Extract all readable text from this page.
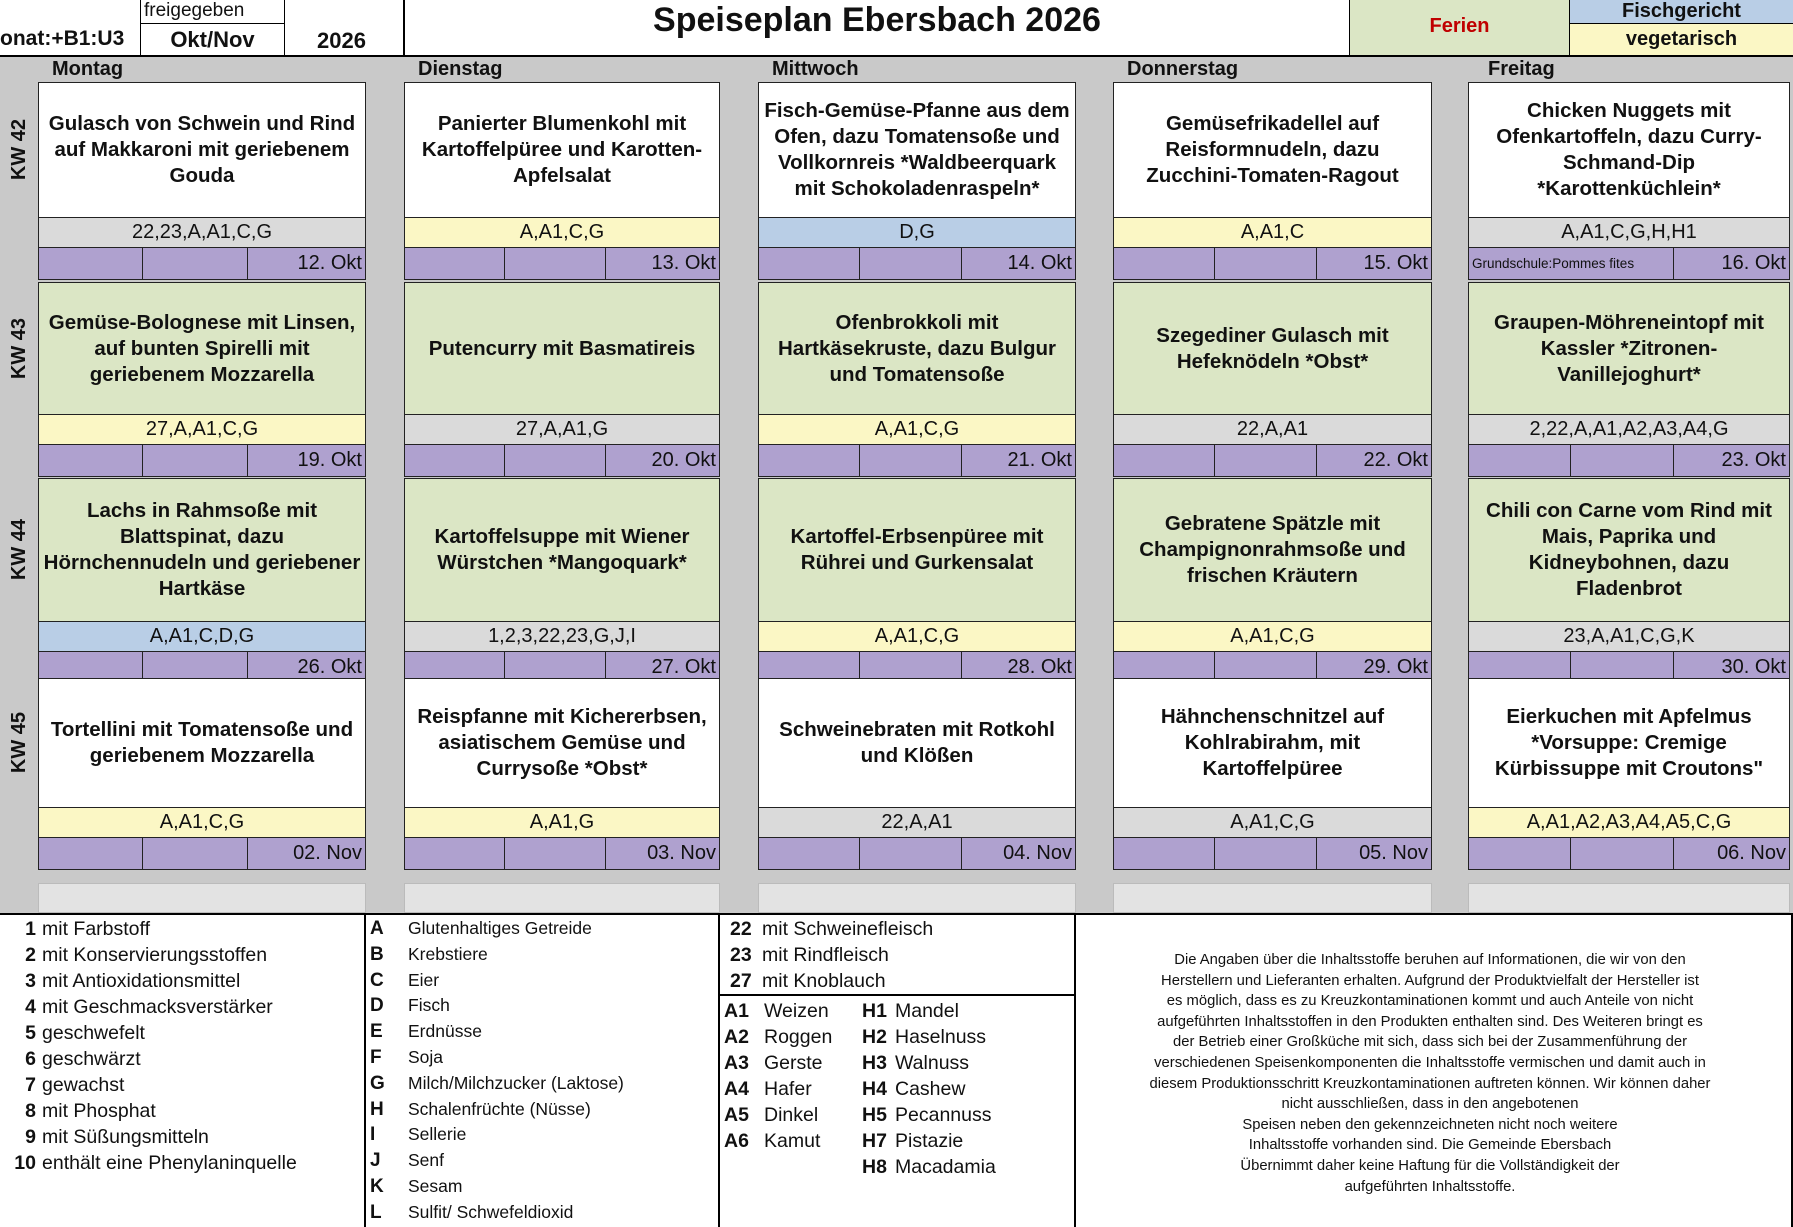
onat:+B1:U3
freigegeben
Okt/Nov	2026
Speiseplan Ebersbach 2026	Ferien
Fischgericht
vegetarisch
Montag	Dienstag	Mittwoch	Donnerstag	Freitag
KW 42 Gulasch von Schwein und Rind auf Makkaroni mit geriebenem Gouda
22,23,A,A1,C,G
12. Okt
Panierter Blumenkohl mit Kartoffelpüree und Karotten-Apfelsalat
A,A1,C,G
13. Okt
Fisch-Gemüse-Pfanne aus dem Ofen, dazu Tomatensoße und Vollkornreis *Waldbeerquark mit Schokoladenraspeln*
D,G
14. Okt
Gemüsefrikadellel auf Reisformnudeln, dazu Zucchini-Tomaten-Ragout
A,A1,C
15. Okt
Chicken Nuggets mit Ofenkartoffeln, dazu Curry-Schmand-Dip *Karottenküchlein*
A,A1,C,G,H,H1
Grundschule:Pommes fites	16. Okt
KW 43 Gemüse-Bolognese mit Linsen, auf bunten Spirelli mit geriebenem Mozzarella
27,A,A1,C,G
19. Okt
Putencurry mit Basmatireis
27,A,A1,G
20. Okt
Ofenbrokkoli mit Hartkäsekruste, dazu Bulgur und Tomatensoße
A,A1,C,G
21. Okt
Szegediner Gulasch mit Hefeknödeln *Obst*
22,A,A1
22. Okt
Graupen-Möhreneintopf mit Kassler *Zitronen-Vanillejoghurt*
2,22,A,A1,A2,A3,A4,G
23. Okt
KW 44
Lachs in Rahmsoße mit Blattspinat, dazu Hörnchennudeln und geriebener Hartkäse
A,A1,C,D,G
26. Okt
Kartoffelsuppe mit Wiener Würstchen *Mangoquark*
1,2,3,22,23,G,J,I
27. Okt
Kartoffel-Erbsenpüree mit Rührei und Gurkensalat
A,A1,C,G
28. Okt
Gebratene Spätzle mit Champignonrahmsoße und frischen Kräutern
A,A1,C,G
29. Okt
Chili con Carne vom Rind mit Mais, Paprika und Kidneybohnen, dazu Fladenbrot
23,A,A1,C,G,K
30. Okt
KW 45	Tortellini mit Tomatensoße und geriebenem Mozzarella
A,A1,C,G
02. Nov
Reispfanne mit Kichererbsen, asiatischem Gemüse und Currysoße *Obst*
A,A1,G
03. Nov
Schweinebraten mit Rotkohl und Klößen
22,A,A1
04. Nov
Hähnchenschnitzel auf Kohlrabirahm, mit Kartoffelpüree
A,A1,C,G
05. Nov
Eierkuchen mit Apfelmus *Vorsuppe: Cremige Kürbissuppe mit Croutons"
A,A1,A2,A3,A4,A5,C,G
06. Nov
1 mit Farbstoff
2 mit Konservierungsstoffen
3 mit Antioxidationsmittel
4 mit Geschmacksverstärker
5 geschwefelt
6 geschwärzt
7 gewachst
8 mit Phosphat
9 mit Süßungsmitteln
10 enthält eine Phenylaninquelle
A Glutenhaltiges Getreide
B Krebstiere
C Eier
D Fisch
E Erdnüsse
F Soja
G Milch/Milchzucker (Laktose)
H Schalenfrüchte (Nüsse)
I Sellerie
J Senf
K Sesam
L Sulfit/ Schwefeldioxid
22 mit Schweinefleisch
23 mit Rindfleisch
27 mit Knoblauch
A1 Weizen
A2 Roggen
A3 Gerste
A4 Hafer
A5 Dinkel
A6 Kamut
H1 Mandel
H2 Haselnuss
H3 Walnuss
H4 Cashew
H5 Pecannuss
H7 Pistazie
H8 Macadamia
Die Angaben über die Inhaltsstoffe beruhen auf Informationen, die wir von den
Herstellern und Lieferanten erhalten. Aufgrund der Produktvielfalt der Hersteller ist
es möglich, dass es zu Kreuzkontaminationen kommt und auch Anteile von nicht
aufgeführten Inhaltsstoffen in den Produkten enthalten sind. Des Weiteren bringt es
der Betrieb einer Großküche mit sich, dass sich bei der Zusammenführung der
verschiedenen Speisenkomponenten die Inhaltsstoffe vermischen und damit auch in
diesem Produktionsschritt Kreuzkontaminationen auftreten können. Wir können daher
nicht ausschließen, dass in den angebotenen
Speisen neben den gekennzeichneten nicht noch weitere
Inhaltsstoffe vorhanden sind. Die Gemeinde Ebersbach
Übernimmt daher keine Haftung für die Vollständigkeit der
aufgeführten Inhaltsstoffe.
